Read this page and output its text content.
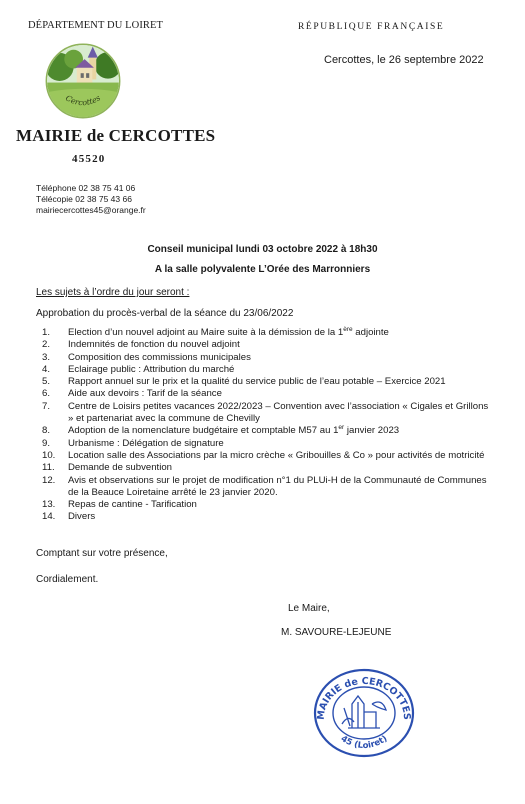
DÉPARTEMENT DU LOIRET	RÉPUBLIQUE FRANÇAISE
Cercottes, le 26 septembre 2022
Cercottes
MAIRIE de CERCOTTES
45520
Téléphone 02 38 75 41 06
Télécopie 02 38 75 43 66
mairiecercottes45@orange.fr
Conseil municipal lundi 03 octobre 2022 à 18h30
A la salle polyvalente L’Orée des Marronniers
Les sujets à l’ordre du jour seront :
Approbation du procès-verbal de la séance du 23/06/2022
1. Election d’un nouvel adjoint au Maire suite à la démission de la 1ère adjointe
2. Indemnités de fonction du nouvel adjoint
3. Composition des commissions municipales
4. Eclairage public : Attribution du marché
5. Rapport annuel sur le prix et la qualité du service public de l’eau potable – Exercice 2021
6. Aide aux devoirs : Tarif de la séance
7. Centre de Loisirs petites vacances 2022/2023 – Convention avec l’association « Cigales et Grillons » et partenariat avec la commune de Chevilly
8. Adoption de la nomenclature budgétaire et comptable M57 au 1er janvier 2023
9. Urbanisme : Délégation de signature
10. Location salle des Associations par la micro crèche « Gribouilles & Co » pour activités de motricité
11. Demande de subvention
12. Avis et observations sur le projet de modification n°1 du PLUi-H de la Communauté de Communes de la Beauce Loiretaine arrêté le 23 janvier 2020.
13. Repas de cantine - Tarification
14. Divers
Comptant sur votre présence,
Cordialement.
Le Maire,
M. SAVOURE-LEJEUNE
MAIRIE de CERCOTTES
45 (Loiret)
